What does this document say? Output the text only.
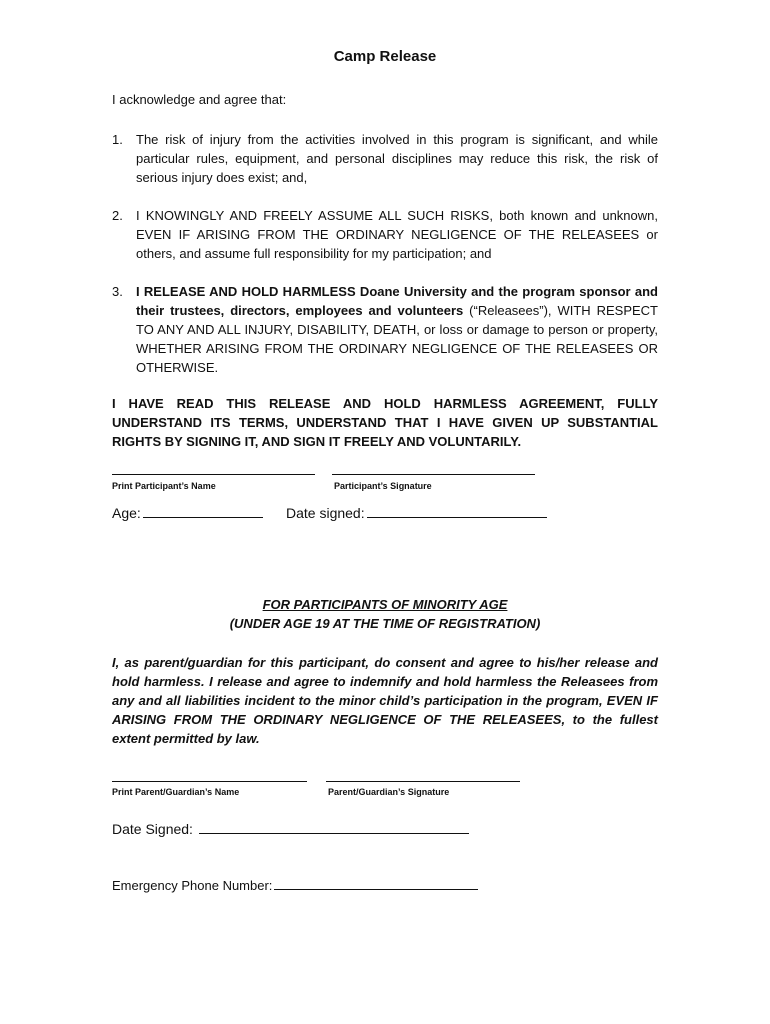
Camp Release
I acknowledge and agree that:
1. The risk of injury from the activities involved in this program is significant, and while particular rules, equipment, and personal disciplines may reduce this risk, the risk of serious injury does exist; and,
2. I KNOWINGLY AND FREELY ASSUME ALL SUCH RISKS, both known and unknown, EVEN IF ARISING FROM THE ORDINARY NEGLIGENCE OF THE RELEASEES or others, and assume full responsibility for my participation; and
3. I RELEASE AND HOLD HARMLESS Doane University and the program sponsor and their trustees, directors, employees and volunteers (“Releasees”), WITH RESPECT TO ANY AND ALL INJURY, DISABILITY, DEATH, or loss or damage to person or property, WHETHER ARISING FROM THE ORDINARY NEGLIGENCE OF THE RELEASEES OR OTHERWISE.
I HAVE READ THIS RELEASE AND HOLD HARMLESS AGREEMENT, FULLY UNDERSTAND ITS TERMS, UNDERSTAND THAT I HAVE GIVEN UP SUBSTANTIAL RIGHTS BY SIGNING IT, AND SIGN IT FREELY AND VOLUNTARILY.
Print Participant’s Name	Participant’s Signature
Age:	Date signed:
FOR PARTICIPANTS OF MINORITY AGE
(UNDER AGE 19 AT THE TIME OF REGISTRATION)
I, as parent/guardian for this participant, do consent and agree to his/her release and hold harmless. I release and agree to indemnify and hold harmless the Releasees from any and all liabilities incident to the minor child’s participation in the program, EVEN IF ARISING FROM THE ORDINARY NEGLIGENCE OF THE RELEASEES, to the fullest extent permitted by law.
Print Parent/Guardian’s Name	Parent/Guardian’s Signature
Date Signed:
Emergency Phone Number:
